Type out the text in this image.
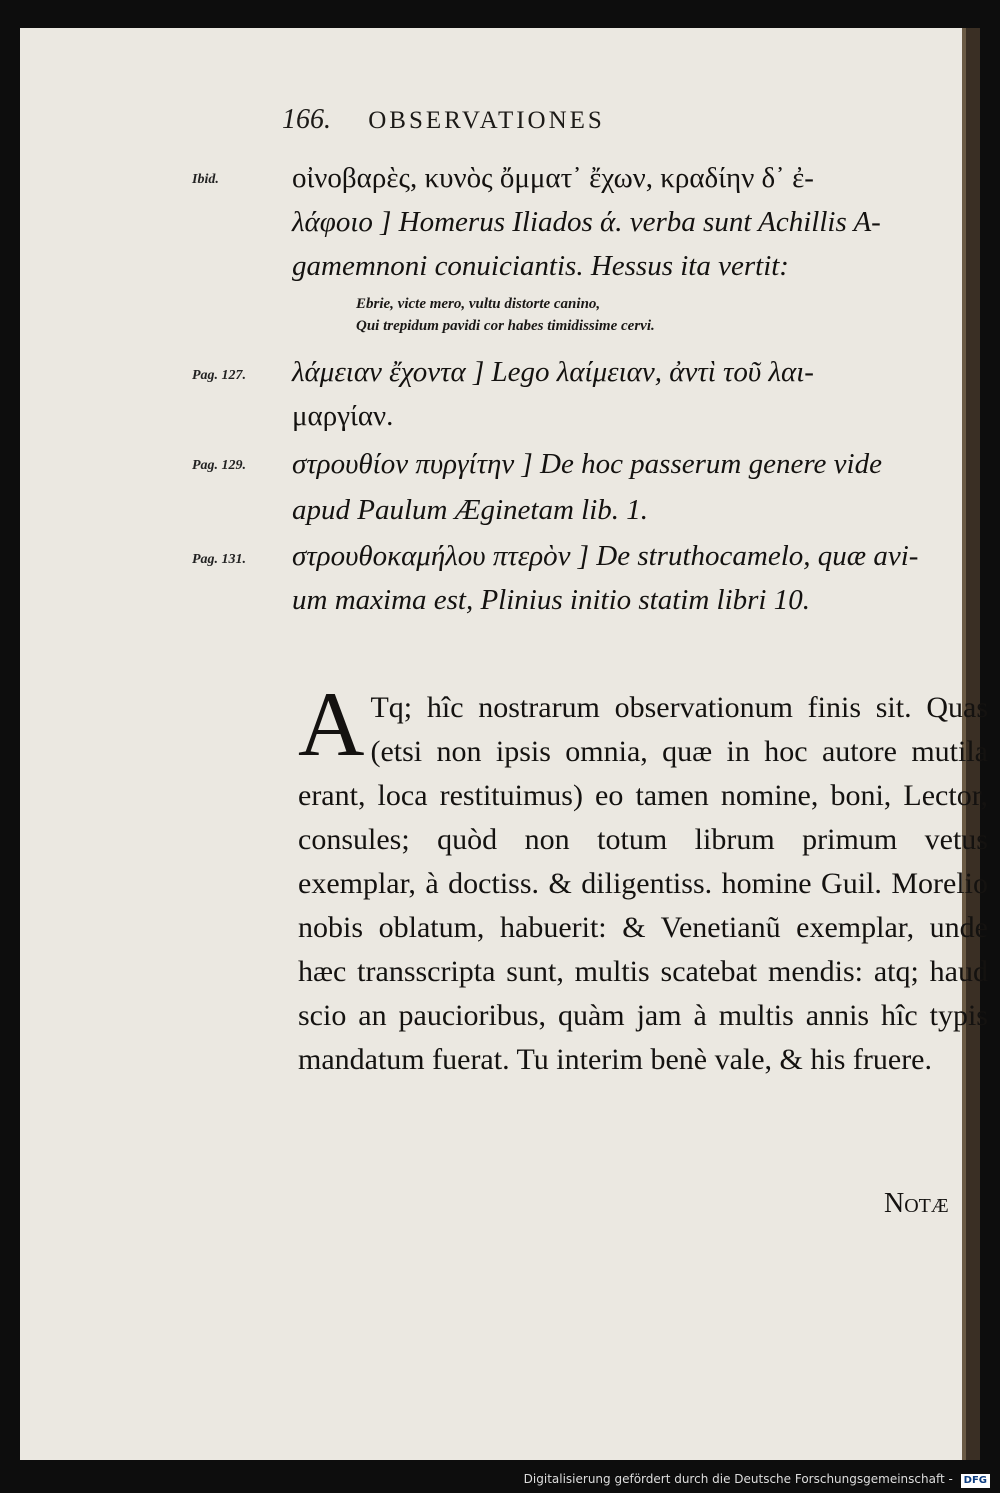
166. OBSERVATIONES
Ibid.	οἰνοβαρὲς, κυνὸς ὄμματ᾽ ἔχων, κραδίην δ᾽ ἐ-
λάφοιο ] Homerus Iliados ά. verba sunt Achillis A-
gamemnoni conuiciantis. Hessus ita vertit:
Ebrie, victe mero, vultu distorte canino,
Qui trepidum pavidi cor habes timidissime cervi.
Pag. 127. λάμειαν ἔχοντα ] Lego λαίμειαν, ἀντὶ τοῦ λαι-
μαργίαν.
Pag. 129. στρουθίον πυργίτην ] De hoc passerum genere vide
apud Paulum Æginetam lib. 1.
Pag. 131. στρουθοκαμήλου πτερὸν ] De struthocamelo, quæ avi-
um maxima est, Plinius initio statim libri 10.
A Tq; hîc nostrarum observationum finis sit. Quas (etsi non ipsis omnia, quæ in hoc autore mutila erant, loca restituimus) eo tamen nomine, boni, Lector, consules; quòd non totum librum primum vetus exemplar, à doctiss. & diligentiss. homine Guil. Morelio nobis oblatum, habuerit: & Venetianũ exemplar, unde hæc transscripta sunt, multis scatebat mendis: atq; haud scio an paucioribus, quàm jam à multis annis hîc typis mandatum fuerat. Tu interim benè vale, & his fruere.

Notæ
Digitalisierung gefördert durch die Deutsche Forschungsgemeinschaft - DFG
